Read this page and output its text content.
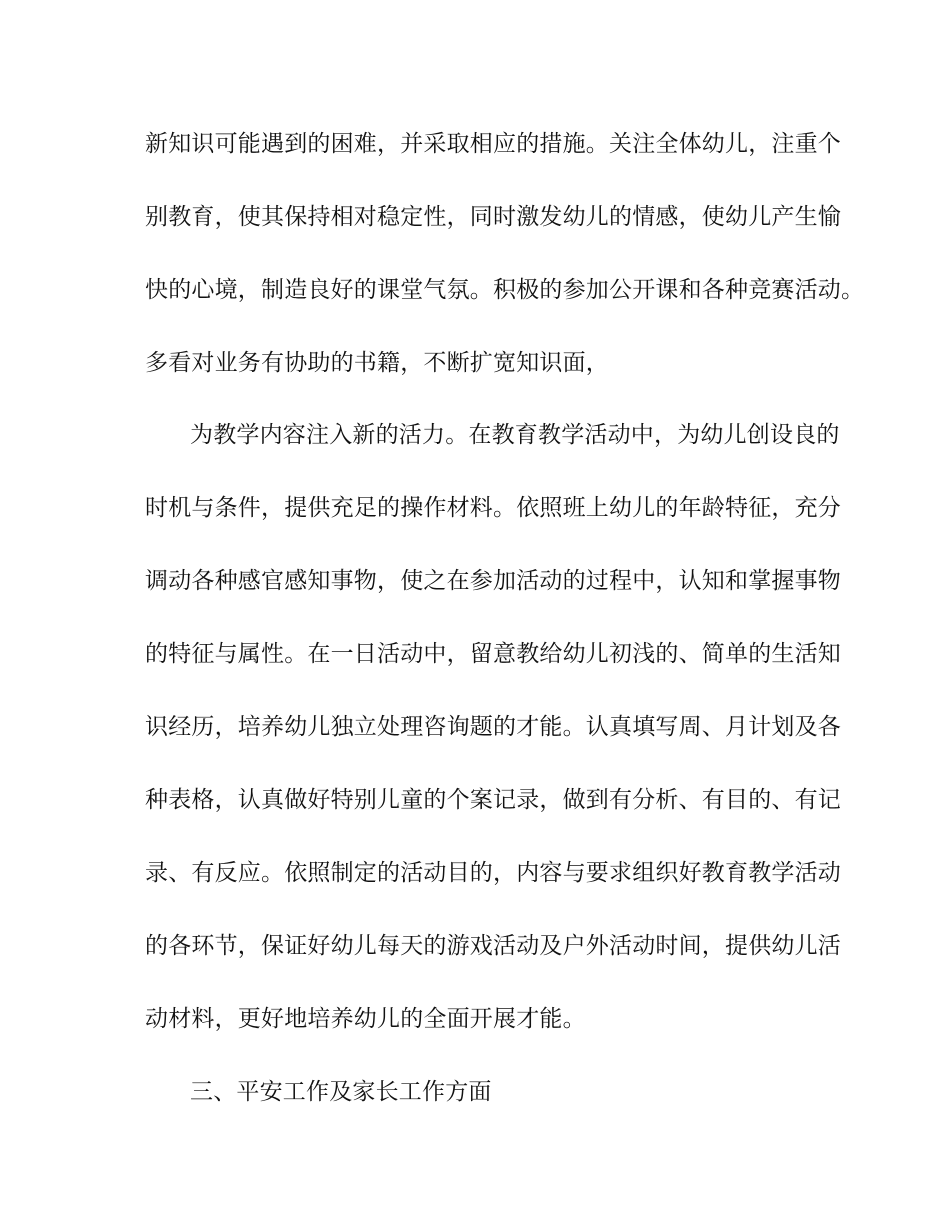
新知识可能遇到的困难，并采取相应的措施。关注全体幼儿，注重个
别教育，使其保持相对稳定性，同时激发幼儿的情感，使幼儿产生愉
快的心境，制造良好的课堂气氛。积极的参加公开课和各种竞赛活动。
多看对业务有协助的书籍，不断扩宽知识面，
为教学内容注入新的活力。在教育教学活动中，为幼儿创设良的
时机与条件，提供充足的操作材料。依照班上幼儿的年龄特征，充分
调动各种感官感知事物，使之在参加活动的过程中，认知和掌握事物
的特征与属性。在一日活动中，留意教给幼儿初浅的、简单的生活知
识经历，培养幼儿独立处理咨询题的才能。认真填写周、月计划及各
种表格，认真做好特别儿童的个案记录，做到有分析、有目的、有记
录、有反应。依照制定的活动目的，内容与要求组织好教育教学活动
的各环节，保证好幼儿每天的游戏活动及户外活动时间，提供幼儿活
动材料，更好地培养幼儿的全面开展才能。
三、平安工作及家长工作方面
